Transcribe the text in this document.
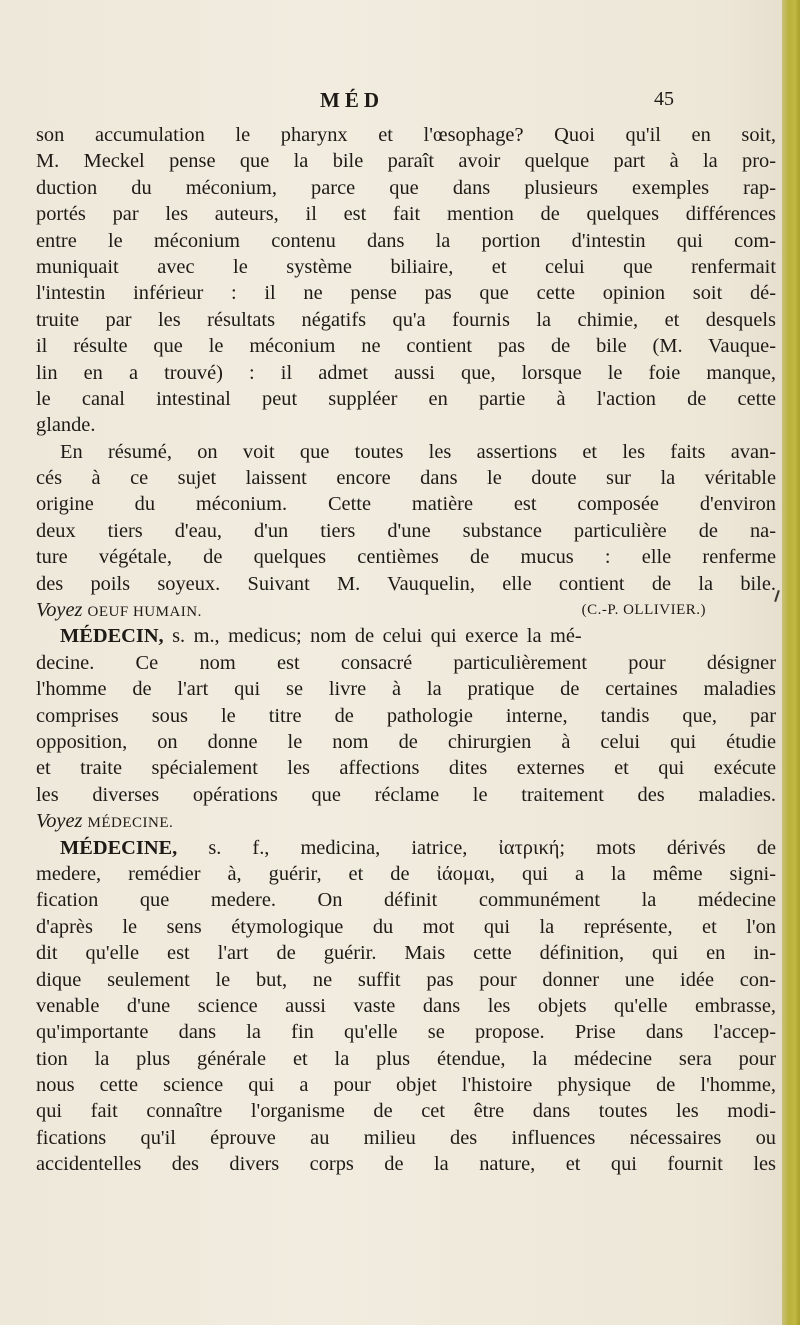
MÉD	45
son accumulation le pharynx et l'œsophage? Quoi qu'il en soit,
M. Meckel pense que la bile paraît avoir quelque part à la pro-
duction du méconium, parce que dans plusieurs exemples rap-
portés par les auteurs, il est fait mention de quelques différences
entre le méconium contenu dans la portion d'intestin qui com-
muniquait avec le système biliaire, et celui que renfermait
l'intestin inférieur : il ne pense pas que cette opinion soit dé-
truite par les résultats négatifs qu'a fournis la chimie, et desquels
il résulte que le méconium ne contient pas de bile (M. Vauque-
lin en a trouvé) : il admet aussi que, lorsque le foie manque,
le canal intestinal peut suppléer en partie à l'action de cette
glande.
En résumé, on voit que toutes les assertions et les faits avan-
cés à ce sujet laissent encore dans le doute sur la véritable
origine du méconium. Cette matière est composée d'environ
deux tiers d'eau, d'un tiers d'une substance particulière de na-
ture végétale, de quelques centièmes de mucus : elle renferme
des poils soyeux. Suivant M. Vauquelin, elle contient de la bile.
Voyez OEUF HUMAIN.	(C.-P. OLLIVIER.)
MÉDECIN, s. m., medicus; nom de celui qui exerce la mé-
decine. Ce nom est consacré particulièrement pour désigner
l'homme de l'art qui se livre à la pratique de certaines maladies
comprises sous le titre de pathologie interne, tandis que, par
opposition, on donne le nom de chirurgien à celui qui étudie
et traite spécialement les affections dites externes et qui exécute
les diverses opérations que réclame le traitement des maladies.
Voyez MÉDECINE.
MÉDECINE, s. f., medicina, iatrice, ἰατρική; mots dérivés de
medere, remédier à, guérir, et de ἰάομαι, qui a la même signi-
fication que medere. On définit communément la médecine
d'après le sens étymologique du mot qui la représente, et l'on
dit qu'elle est l'art de guérir. Mais cette définition, qui en in-
dique seulement le but, ne suffit pas pour donner une idée con-
venable d'une science aussi vaste dans les objets qu'elle embrasse,
qu'importante dans la fin qu'elle se propose. Prise dans l'accep-
tion la plus générale et la plus étendue, la médecine sera pour
nous cette science qui a pour objet l'histoire physique de l'homme,
qui fait connaître l'organisme de cet être dans toutes les modi-
fications qu'il éprouve au milieu des influences nécessaires ou
accidentelles des divers corps de la nature, et qui fournit les
